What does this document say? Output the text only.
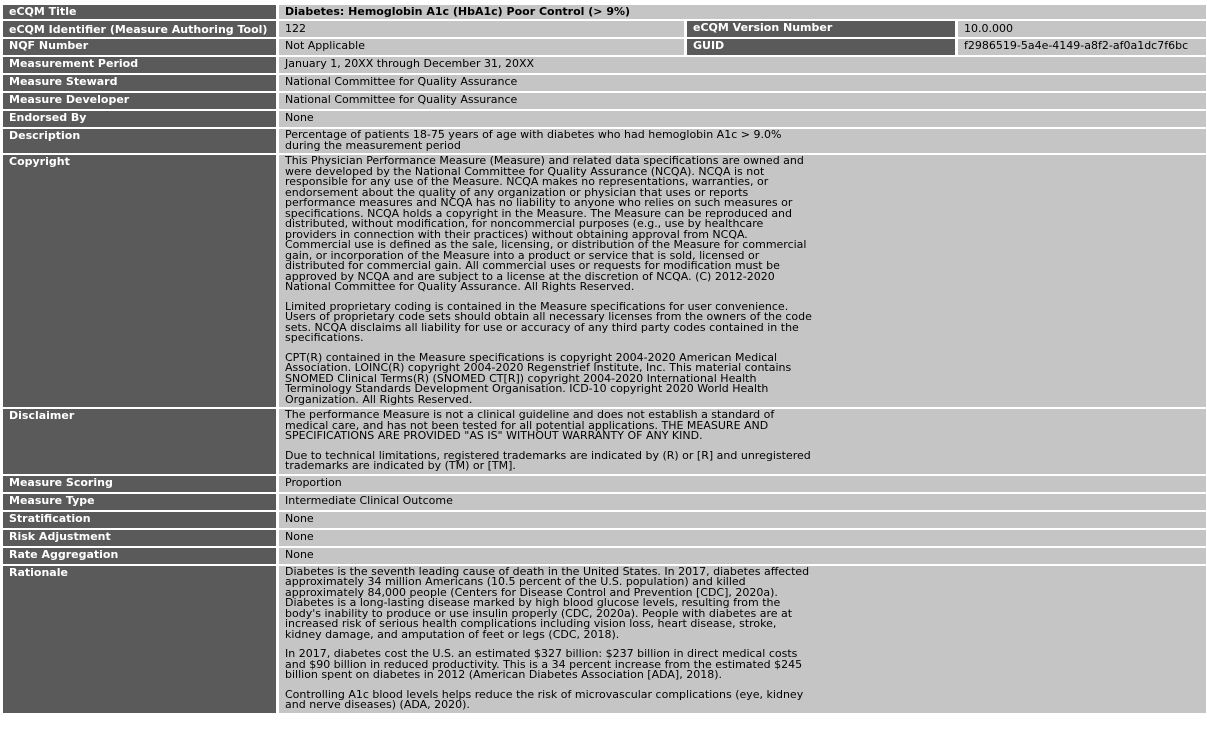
eCQM Title	Diabetes: Hemoglobin A1c (HbA1c) Poor Control (> 9%)		
eCQM Identifier (Measure Authoring Tool)	122	eCQM Version Number	10.0.000
NQF Number	Not Applicable	GUID	f2986519-5a4e-4149-a8f2-af0a1dc7f6bc
Measurement Period	January 1, 20XX through December 31, 20XX		
Measure Steward	National Committee for Quality Assurance		
Measure Developer	National Committee for Quality Assurance		
Endorsed By	None		
Description	Percentage of patients 18-75 years of age with diabetes who had hemoglobin A1c > 9.0% during the measurement period		

Copyright	This Physician Performance Measure (Measure) and related data specifications are owned and were developed by the National Committee for Quality Assurance (NCQA). NCQA is not responsible for any use of the Measure. NCQA makes no representations, warranties, or endorsement about the quality of any organization or physician that uses or reports performance measures and NCQA has no liability to anyone who relies on such measures or specifications. NCQA holds a copyright in the Measure. The Measure can be reproduced and distributed, without modification, for noncommercial purposes (e.g., use by healthcare providers in connection with their practices) without obtaining approval from NCQA. Commercial use is defined as the sale, licensing, or distribution of the Measure for commercial gain, or incorporation of the Measure into a product or service that is sold, licensed or distributed for commercial gain. All commercial uses or requests for modification must be approved by NCQA and are subject to a license at the discretion of NCQA. (C) 2012-2020 National Committee for Quality Assurance. All Rights Reserved.

Limited proprietary coding is contained in the Measure specifications for user convenience. Users of proprietary code sets should obtain all necessary licenses from the owners of the code sets. NCQA disclaims all liability for use or accuracy of any third party codes contained in the specifications.

CPT(R) contained in the Measure specifications is copyright 2004-2020 American Medical Association. LOINC(R) copyright 2004-2020 Regenstrief Institute, Inc. This material contains SNOMED Clinical Terms(R) (SNOMED CT[R]) copyright 2004-2020 International Health Terminology Standards Development Organisation. ICD-10 copyright 2020 World Health Organization. All Rights Reserved.		

Disclaimer	The performance Measure is not a clinical guideline and does not establish a standard of medical care, and has not been tested for all potential applications. THE MEASURE AND SPECIFICATIONS ARE PROVIDED "AS IS" WITHOUT WARRANTY OF ANY KIND.

Due to technical limitations, registered trademarks are indicated by (R) or [R] and unregistered trademarks are indicated by (TM) or [TM].		

Measure Scoring	Proportion		
Measure Type	Intermediate Clinical Outcome		
Stratification	None		
Risk Adjustment	None		
Rate Aggregation	None		
Rationale	Diabetes is the seventh leading cause of death in the United States. In 2017, diabetes affected approximately 34 million Americans (10.5 percent of the U.S. population) and killed approximately 84,000 people (Centers for Disease Control and Prevention [CDC], 2020a). Diabetes is a long-lasting disease marked by high blood glucose levels, resulting from the body's inability to produce or use insulin properly (CDC, 2020a). People with diabetes are at increased risk of serious health complications including vision loss, heart disease, stroke, kidney damage, and amputation of feet or legs (CDC, 2018).

In 2017, diabetes cost the U.S. an estimated $327 billion: $237 billion in direct medical costs and $90 billion in reduced productivity. This is a 34 percent increase from the estimated $245 billion spent on diabetes in 2012 (American Diabetes Association [ADA], 2018).

Controlling A1c blood levels helps reduce the risk of microvascular complications (eye, kidney and nerve diseases) (ADA, 2020).		
